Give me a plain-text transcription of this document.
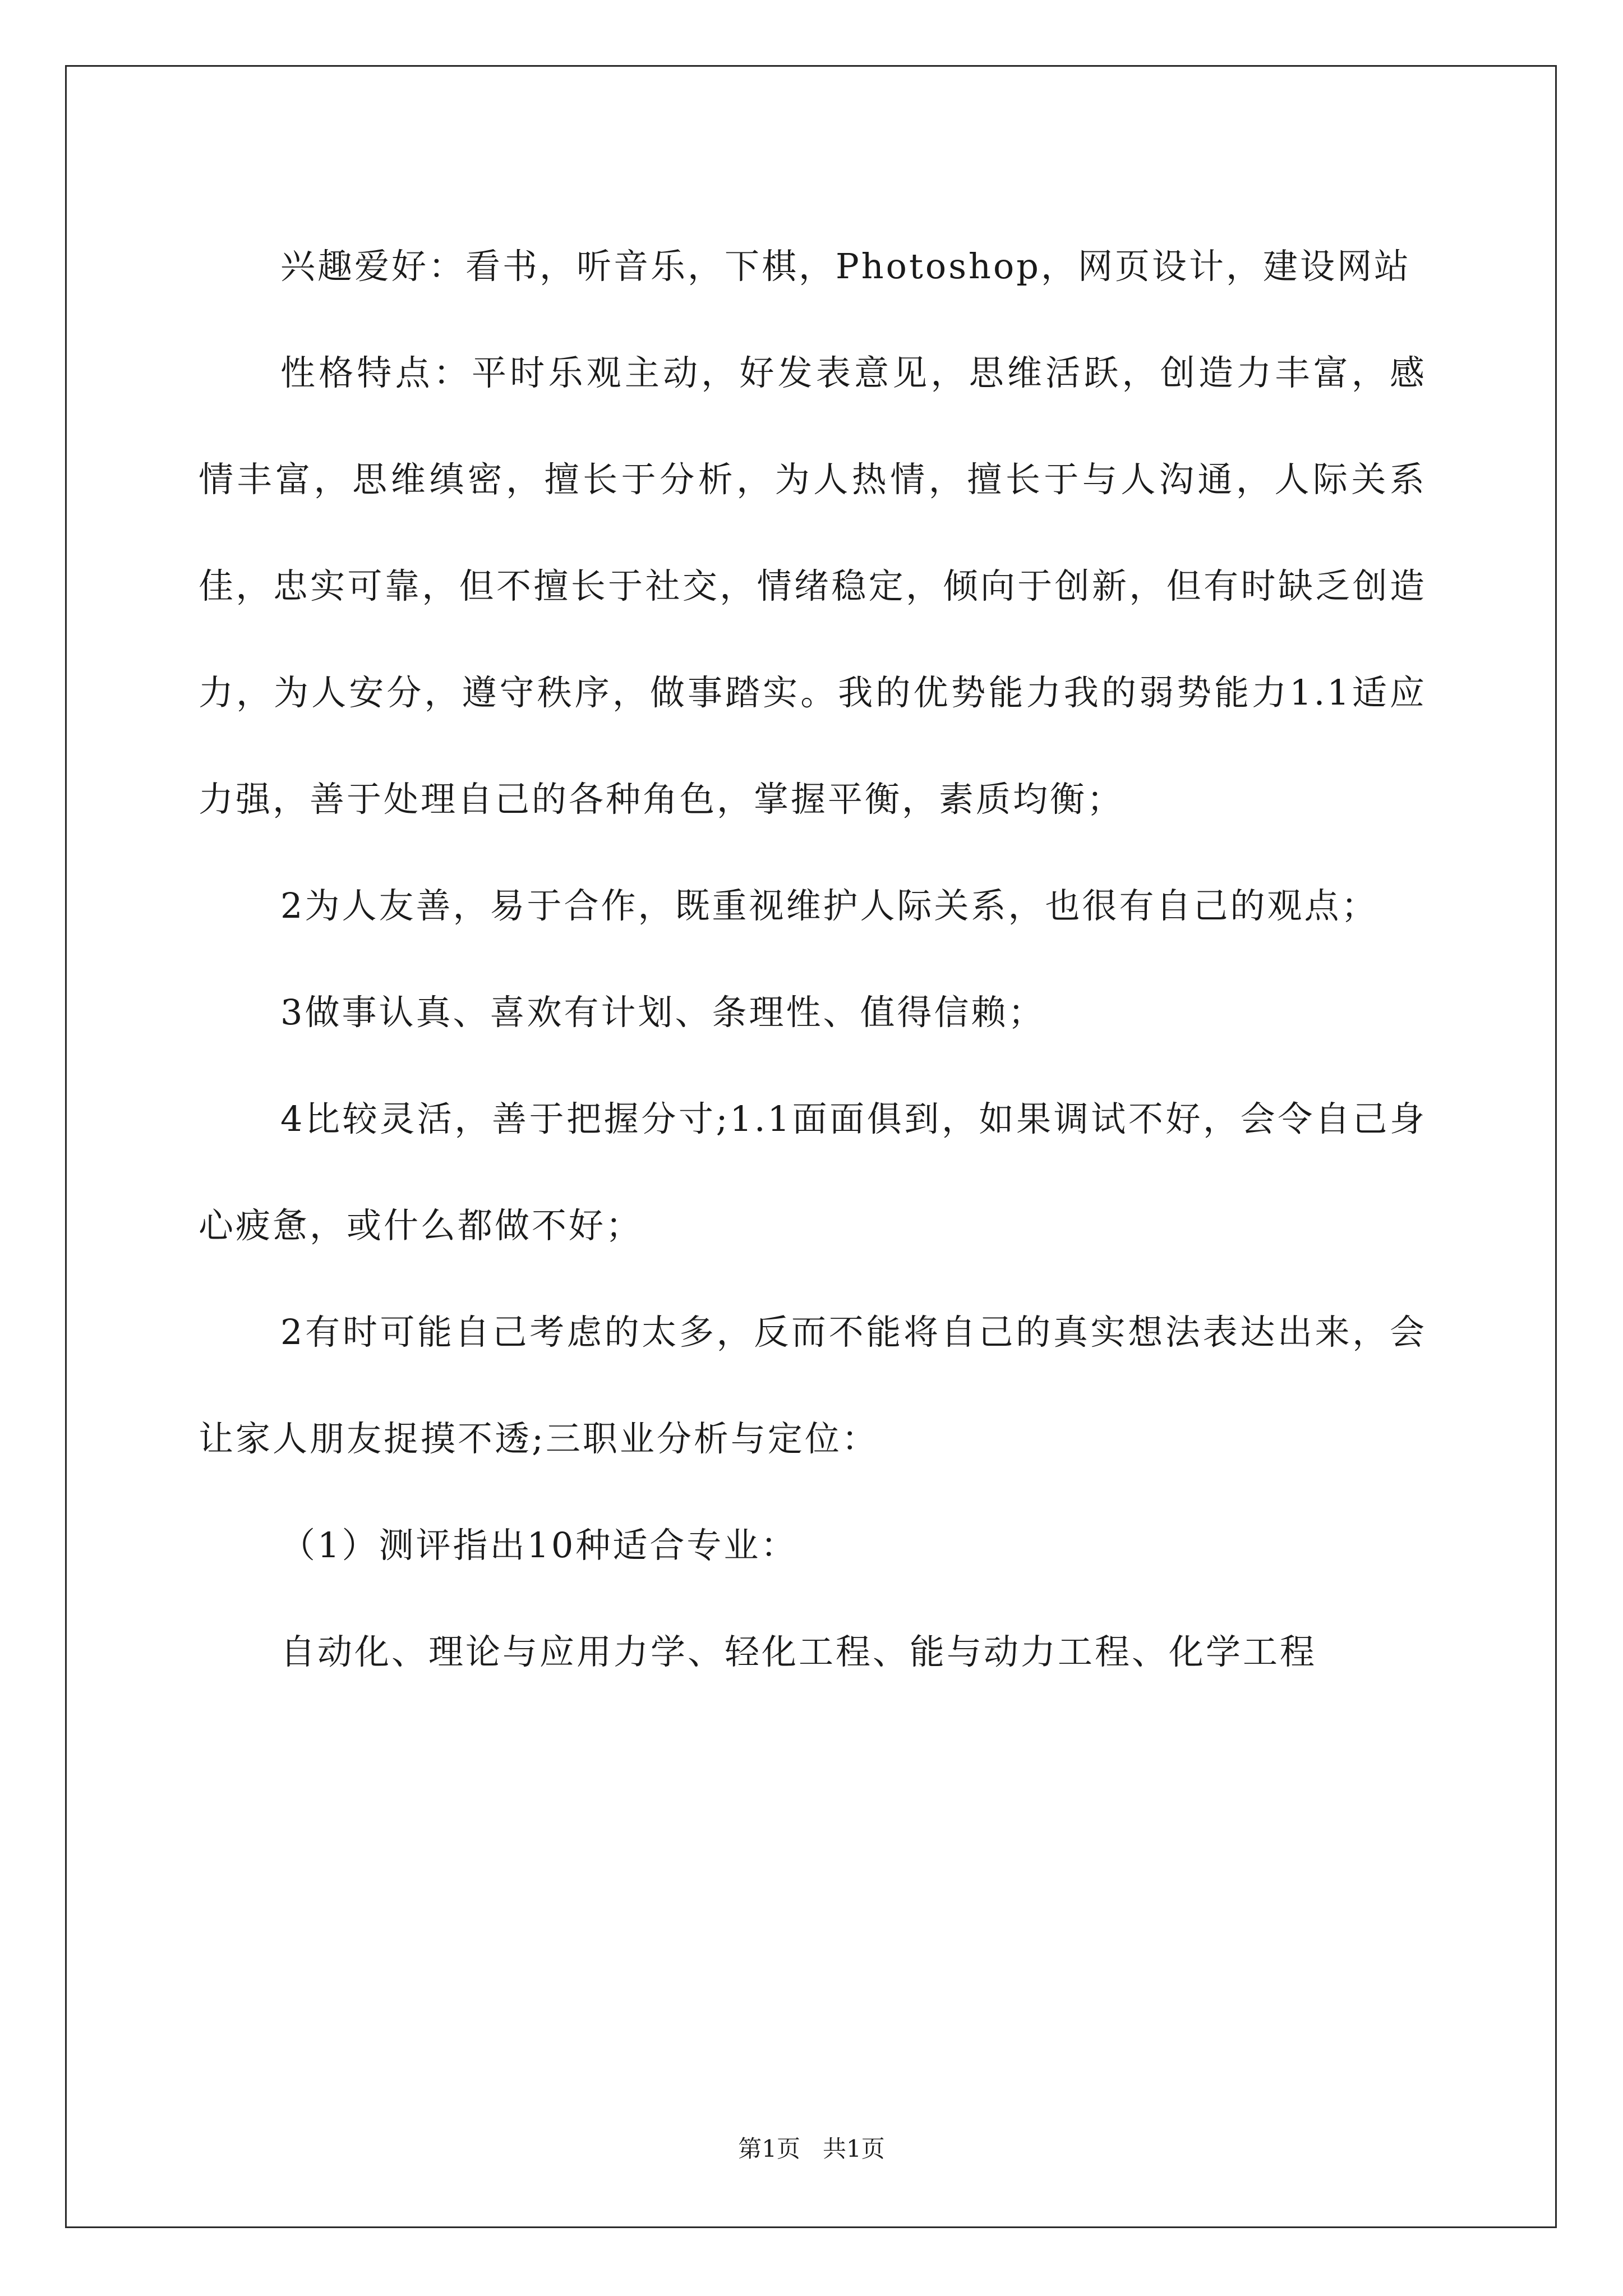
兴趣爱好：看书，听音乐，下棋，Photoshop，网页设计，建设网站

性格特点：平时乐观主动，好发表意见，思维活跃，创造力丰富，感情丰富，思维缜密，擅长于分析，为人热情，擅长于与人沟通，人际关系佳，忠实可靠，但不擅长于社交，情绪稳定，倾向于创新，但有时缺乏创造力，为人安分，遵守秩序，做事踏实。我的优势能力我的弱势能力1.1适应力强，善于处理自己的各种角色，掌握平衡，素质均衡；

2为人友善，易于合作，既重视维护人际关系，也很有自己的观点；

3做事认真、喜欢有计划、条理性、值得信赖；

4比较灵活，善于把握分寸;1.1面面俱到，如果调试不好，会令自己身心疲惫，或什么都做不好；

2有时可能自己考虑的太多，反而不能将自己的真实想法表达出来，会让家人朋友捉摸不透;三职业分析与定位：

（1）测评指出10种适合专业：

自动化、理论与应用力学、轻化工程、能与动力工程、化学工程

第1页 共1页
